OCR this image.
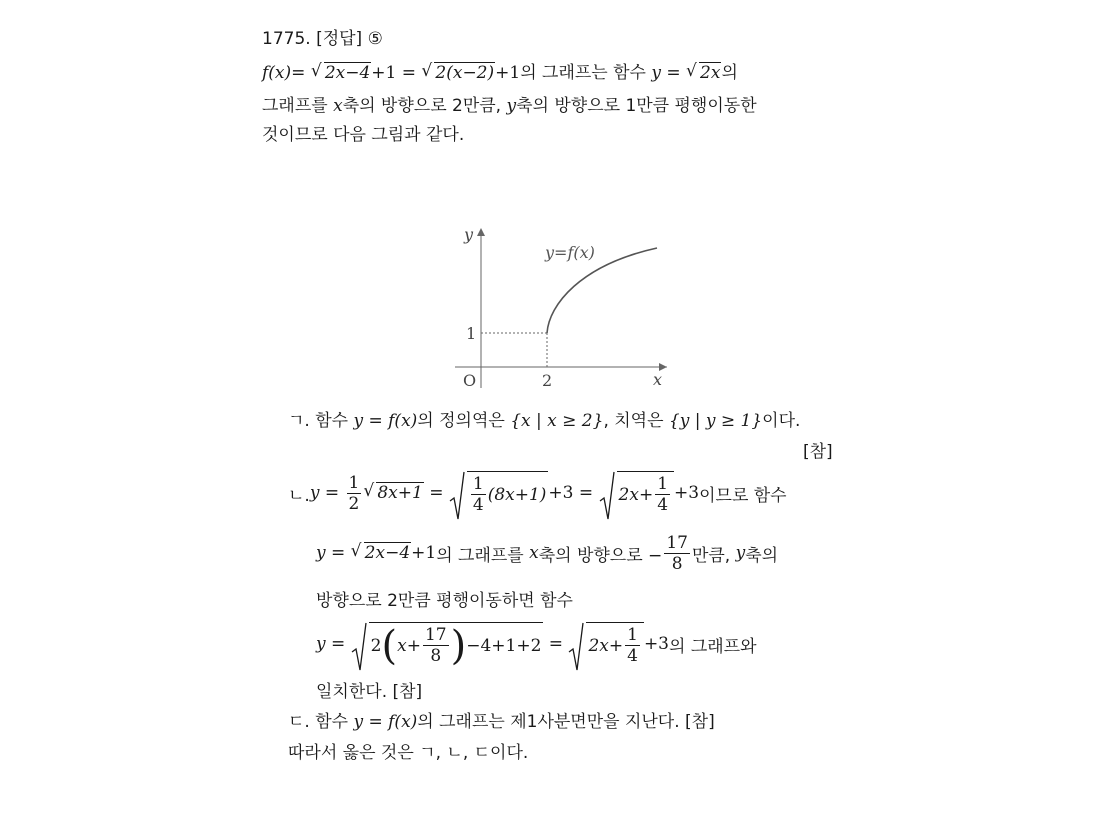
1775. [정답] ⑤
f(x)= √ 2x−4+1 = √ 2(x−2)+1의 그래프는 함수 y = √ 2x의
그래프를 x축의 방향으로 2만큼, y축의 방향으로 1만큼 평행이동한
것이므로 다음 그림과 같다.
y
x
y=f(x)
O	2
1
ㄱ. 함수 y = f(x)의 정의역은 {x | x ≥ 2}, 치역은 {y | y ≥ 1}이다.
[참]
ㄴ. $y = \frac{1}{2}$ √ $8x+1 = \frac{1}{4} (8x+1) +3 = 2x+ \frac{1}{4} +3$ 이므로 함수
y = √ 2x−4 +1 의 그래프를 x 축의 방향으로 − $\frac{17}{8}$ 만큼, y 축의
방향으로 2만큼 평행이동하면 함수
y = 2 ( $x+ \frac{17}{8}$ ) $-4+1+2 = 2x+ \frac{1}{4} +3$ 의 그래프와
일치한다. [참]
ㄷ. 함수 y = f(x)의 그래프는 제1사분면만을 지난다. [참]
따라서 옳은 것은 ㄱ, ㄴ, ㄷ이다.
